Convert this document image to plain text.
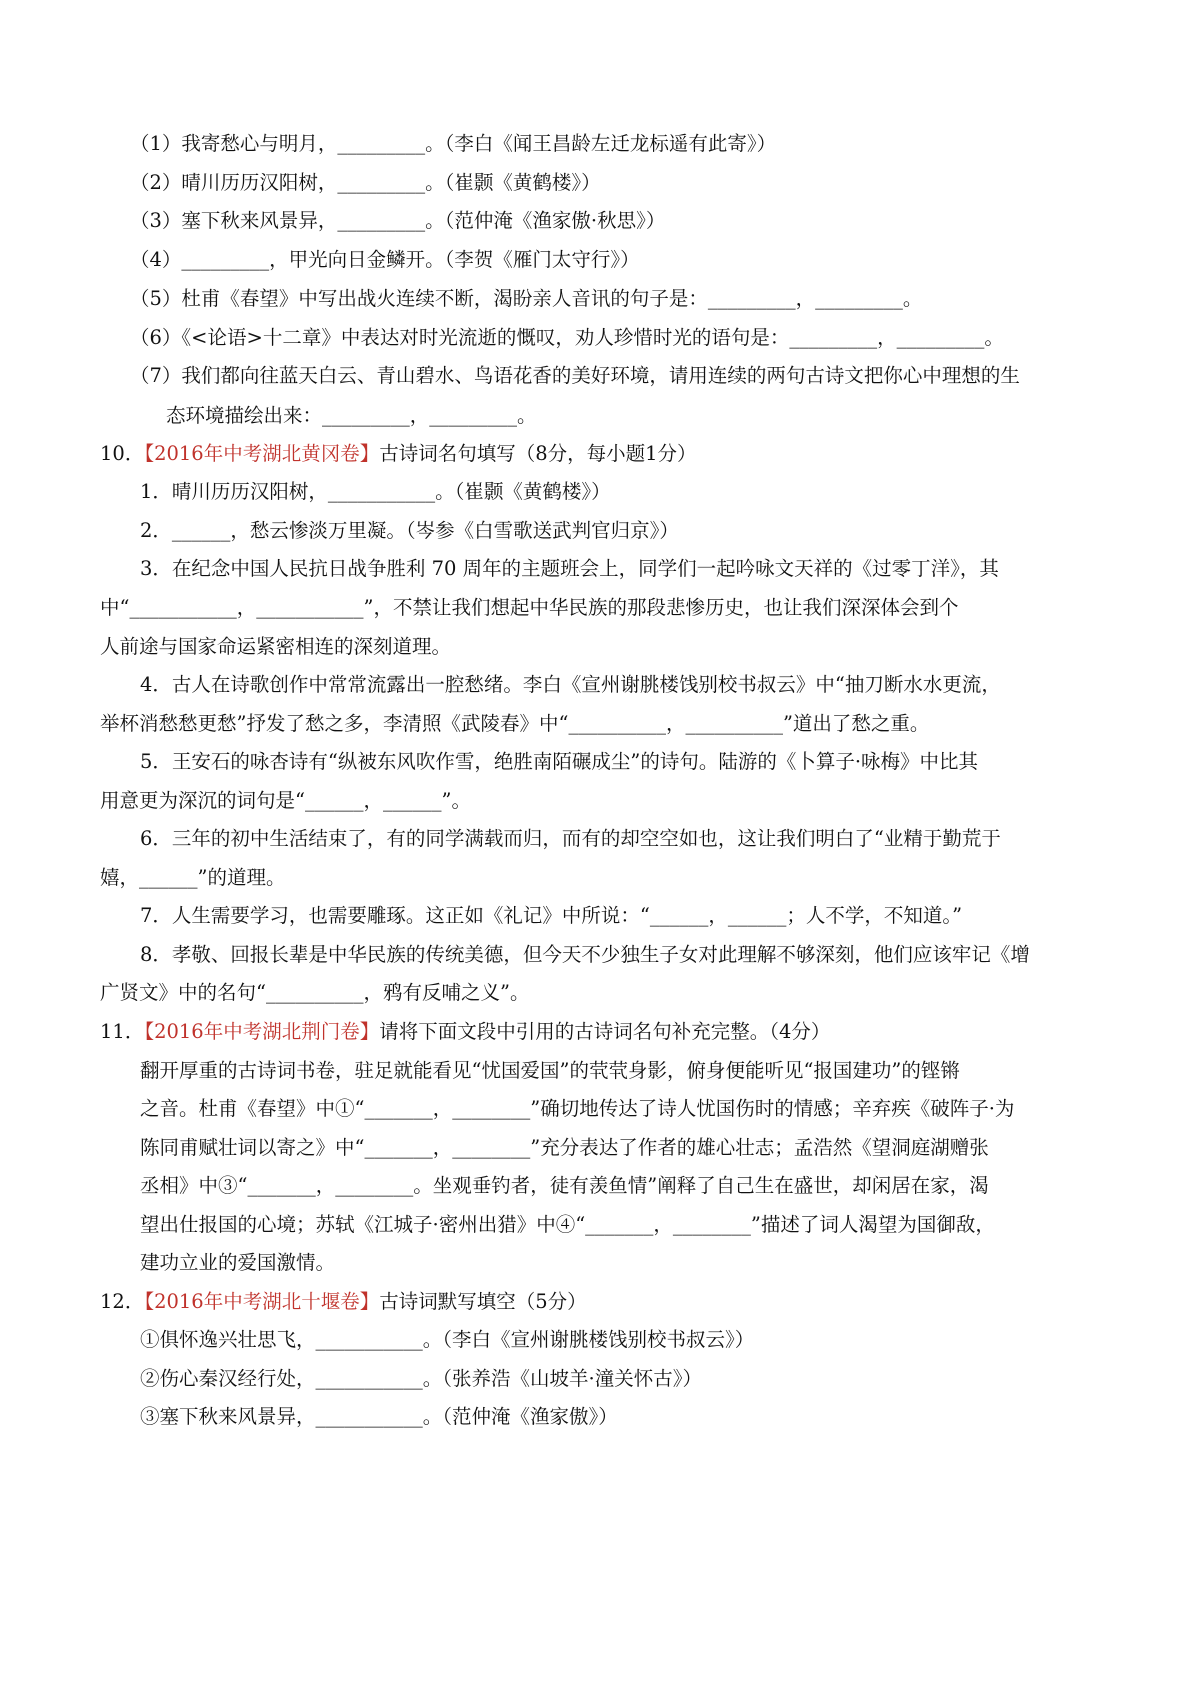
（1）我寄愁心与明月，_________。（李白《闻王昌龄左迁龙标遥有此寄》）
（2）晴川历历汉阳树，_________。（崔颢《黄鹤楼》）
（3）塞下秋来风景异，_________。（范仲淹《渔家傲·秋思》）
（4）_________，甲光向日金鳞开。（李贺《雁门太守行》）
（5）杜甫《春望》中写出战火连续不断，渴盼亲人音讯的句子是：_________，_________。
（6）《<论语>十二章》中表达对时光流逝的慨叹，劝人珍惜时光的语句是：_________，_________。
（7）我们都向往蓝天白云、青山碧水、鸟语花香的美好环境，请用连续的两句古诗文把你心中理想的生
态环境描绘出来：_________，_________。
10．【2016年中考湖北黄冈卷】古诗词名句填写（8分，每小题1分）
1．晴川历历汉阳树，___________。（崔颢《黄鹤楼》）
2．______，愁云惨淡万里凝。（岑参《白雪歌送武判官归京》）
3．在纪念中国人民抗日战争胜利 70 周年的主题班会上，同学们一起吟咏文天祥的《过零丁洋》，其
中“___________，___________”，不禁让我们想起中华民族的那段悲惨历史，也让我们深深体会到个
人前途与国家命运紧密相连的深刻道理。
4．古人在诗歌创作中常常流露出一腔愁绪。李白《宣州谢朓楼饯别校书叔云》中“抽刀断水水更流，
举杯消愁愁更愁”抒发了愁之多，李清照《武陵春》中“__________，__________”道出了愁之重。
5．王安石的咏杏诗有“纵被东风吹作雪，绝胜南陌碾成尘”的诗句。陆游的《卜算子·咏梅》中比其
用意更为深沉的词句是“______，______”。
6．三年的初中生活结束了，有的同学满载而归，而有的却空空如也，这让我们明白了“业精于勤荒于
嬉，______”的道理。
7．人生需要学习，也需要雕琢。这正如《礼记》中所说：“______，______；人不学，不知道。”
8．孝敬、回报长辈是中华民族的传统美德，但今天不少独生子女对此理解不够深刻，他们应该牢记《增
广贤文》中的名句“__________，鸦有反哺之义”。
11．【2016年中考湖北荆门卷】请将下面文段中引用的古诗词名句补充完整。（4分）
翻开厚重的古诗词书卷，驻足就能看见“忧国爱国”的茕茕身影，俯身便能听见“报国建功”的铿锵
之音。杜甫《春望》中①“_______，________”确切地传达了诗人忧国伤时的情感；辛弃疾《破阵子·为
陈同甫赋壮词以寄之》中“_______，________”充分表达了作者的雄心壮志；孟浩然《望洞庭湖赠张
丞相》中③“_______，________。坐观垂钓者，徒有羡鱼情”阐释了自己生在盛世，却闲居在家，渴
望出仕报国的心境；苏轼《江城子·密州出猎》中④“_______，________”描述了词人渴望为国御敌，
建功立业的爱国激情。
12．【2016年中考湖北十堰卷】古诗词默写填空（5分）
①俱怀逸兴壮思飞，___________。（李白《宣州谢朓楼饯别校书叔云》）
②伤心秦汉经行处，___________。（张养浩《山坡羊·潼关怀古》）
③塞下秋来风景异，___________。（范仲淹《渔家傲》）
